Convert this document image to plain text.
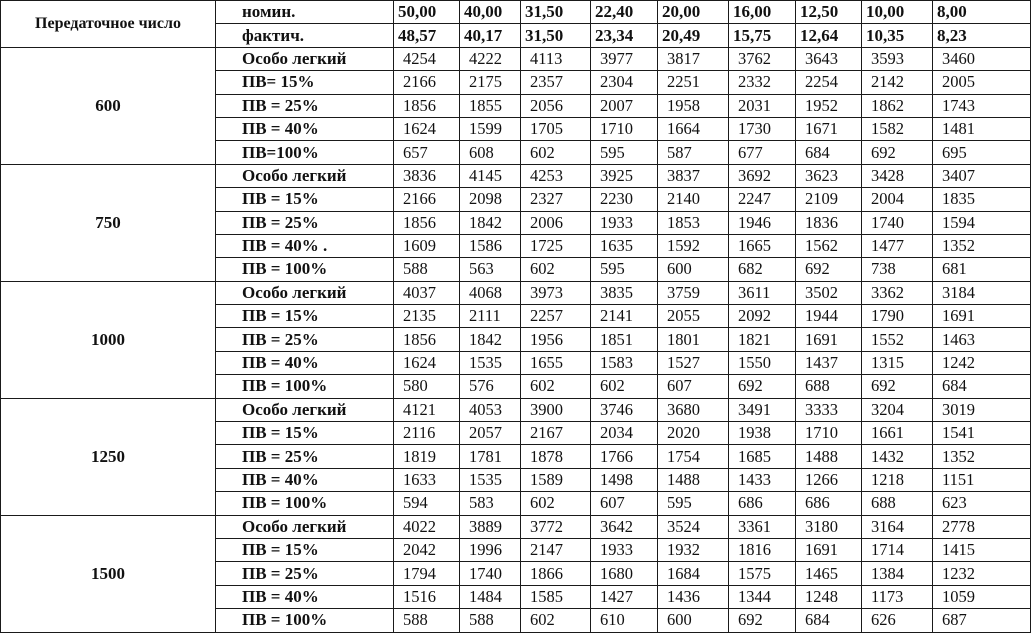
Передаточное число	номин.	50,00	40,00	31,50	22,40	20,00	16,00	12,50	10,00	8,00
	фактич.	48,57	40,17	31,50	23,34	20,49	15,75	12,64	10,35	8,23
600	Особо легкий	4254	4222	4113	3977	3817	3762	3643	3593	3460
	ПВ= 15%	2166	2175	2357	2304	2251	2332	2254	2142	2005
	ПВ = 25%	1856	1855	2056	2007	1958	2031	1952	1862	1743
	ПВ = 40%	1624	1599	1705	1710	1664	1730	1671	1582	1481
	ПВ=100%	657	608	602	595	587	677	684	692	695
750	Особо легкий	3836	4145	4253	3925	3837	3692	3623	3428	3407
	ПВ = 15%	2166	2098	2327	2230	2140	2247	2109	2004	1835
	ПВ = 25%	1856	1842	2006	1933	1853	1946	1836	1740	1594
	ПВ = 40% .	1609	1586	1725	1635	1592	1665	1562	1477	1352
	ПВ = 100%	588	563	602	595	600	682	692	738	681
1000	Особо легкий	4037	4068	3973	3835	3759	3611	3502	3362	3184
	ПВ = 15%	2135	2111	2257	2141	2055	2092	1944	1790	1691
	ПВ = 25%	1856	1842	1956	1851	1801	1821	1691	1552	1463
	ПВ = 40%	1624	1535	1655	1583	1527	1550	1437	1315	1242
	ПВ = 100%	580	576	602	602	607	692	688	692	684
1250	Особо легкий	4121	4053	3900	3746	3680	3491	3333	3204	3019
	ПВ = 15%	2116	2057	2167	2034	2020	1938	1710	1661	1541
	ПВ = 25%	1819	1781	1878	1766	1754	1685	1488	1432	1352
	ПВ = 40%	1633	1535	1589	1498	1488	1433	1266	1218	1151
	ПВ = 100%	594	583	602	607	595	686	686	688	623
1500	Особо легкий	4022	3889	3772	3642	3524	3361	3180	3164	2778
	ПВ = 15%	2042	1996	2147	1933	1932	1816	1691	1714	1415
	ПВ = 25%	1794	1740	1866	1680	1684	1575	1465	1384	1232
	ПВ = 40%	1516	1484	1585	1427	1436	1344	1248	1173	1059
	ПВ = 100%	588	588	602	610	600	692	684	626	687
